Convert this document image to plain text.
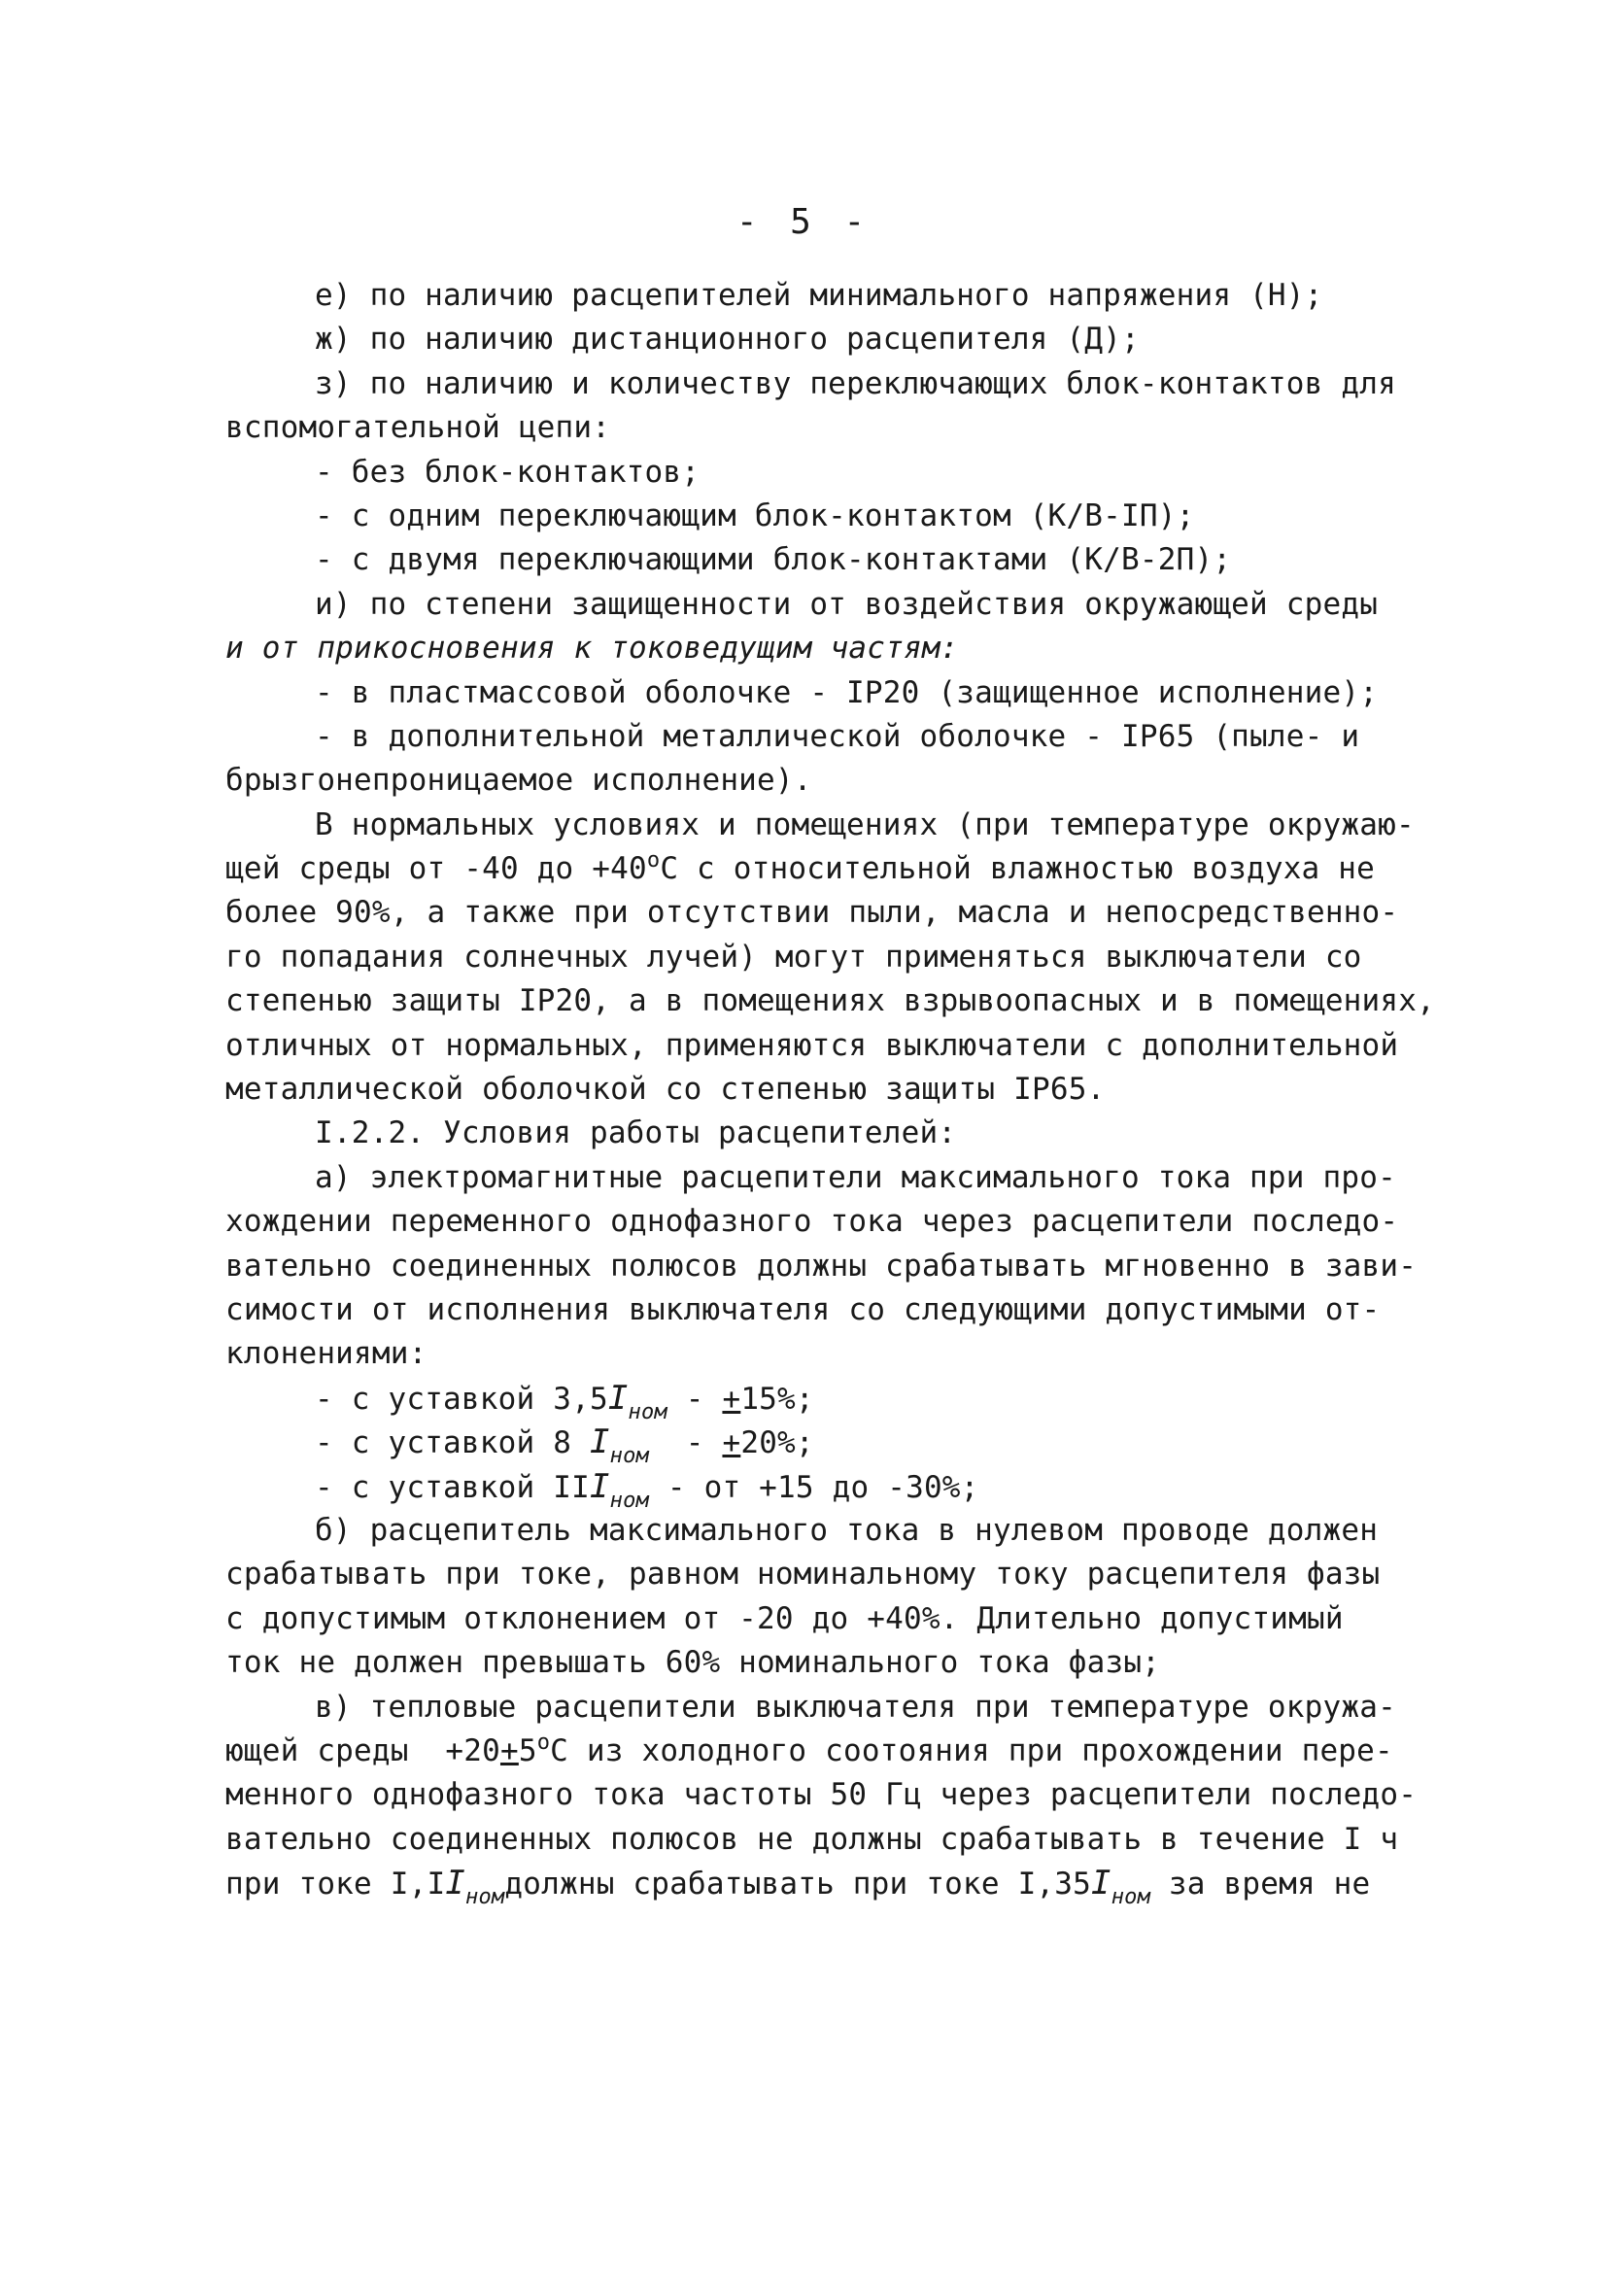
- 5 -
е) по наличию расцепителей минимального напряжения (Н);
ж) по наличию дистанционного расцепителя (Д);
з) по наличию и количеству переключающих блок-контактов для
вспомогательной цепи:
- без блок-контактов;
- с одним переключающим блок-контактом (К/В-IП);
- с двумя переключающими блок-контактами (К/В-2П);
и) по степени защищенности от воздействия окружающей среды
и от прикосновения к токоведущим частям:
- в пластмассовой оболочке - IP20 (защищенное исполнение);
- в дополнительной металлической оболочке - IP65 (пыле- и
брызгонепроницаемое исполнение).
В нормальных условиях и помещениях (при температуре окружаю-
щей среды от -40 до $+40^оС$ с относительной влажностью воздуха не
более 90%, а также при отсутствии пыли, масла и непосредственно-
го попадания солнечных лучей) могут применяться выключатели со
степенью защиты IP20, а в помещениях взрывоопасных и в помещениях,
отличных от нормальных, применяются выключатели с дополнительной
металлической оболочкой со степенью защиты IP65.
I.2.2. Условия работы расцепителей:
а) электромагнитные расцепители максимального тока при про-
хождении переменного однофазного тока через расцепители последо-
вательно соединенных полюсов должны срабатывать мгновенно в зави-
симости от исполнения выключателя со следующими допустимыми от-
клонениями:
- с уставкой $3,5I_{ном} - +15\%$;
- с уставкой 8 $I_{ном} - +20\%$;
- с уставкой $III_{ном}$ - от +15 до -30%;
б) расцепитель максимального тока в нулевом проводе должен
срабатывать при токе, равном номинальному току расцепителя фазы
с допустимым отклонением от -20 до +40%. Длительно допустимый
ток не должен превышать 60% номинального тока фазы;
в) тепловые расцепители выключателя при температуре окружа-
ющей среды  $+20+5^оС$ из холодного соотояния при прохождении пере-
менного однофазного тока частоты 50 Гц через расцепители последо-
вательно соединенных полюсов не должны срабатывать в течение I ч
при токе $I,II_{ном}должны$ срабатывать при токе $I,35I_{ном}$ за время не
